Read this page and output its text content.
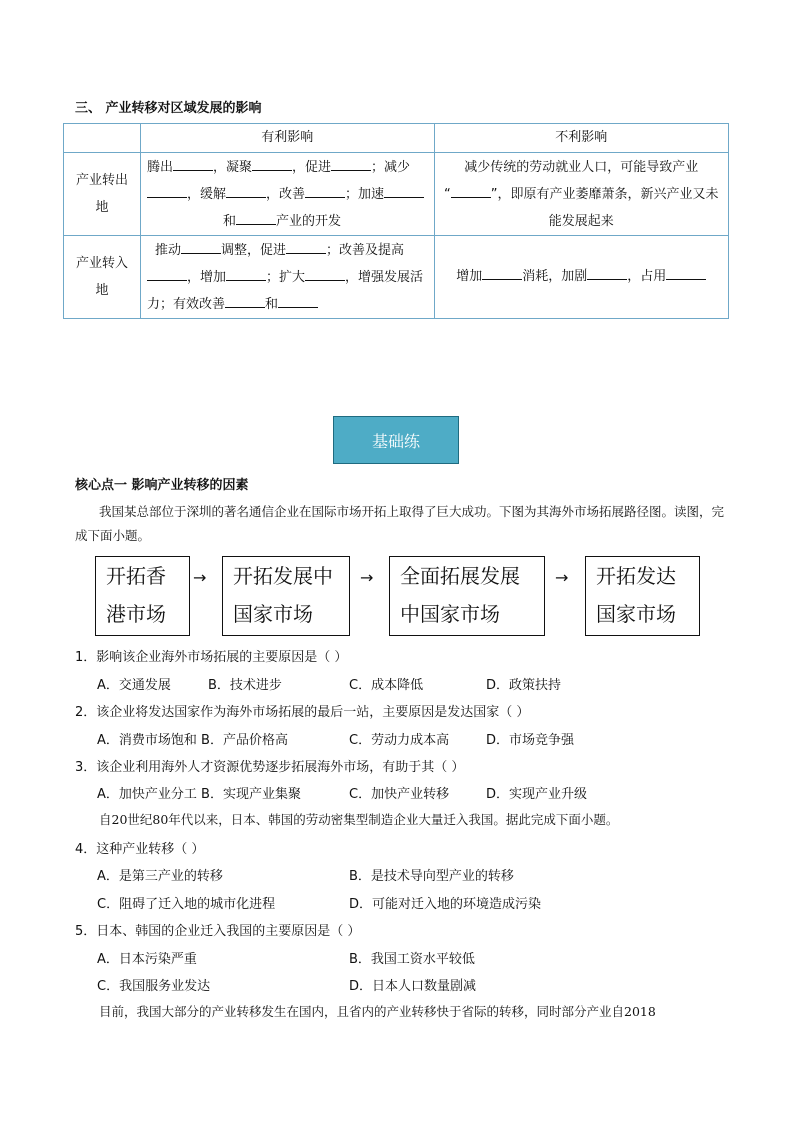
三、 产业转移对区域发展的影响
	有利影响	不利影响
产业转出地	腾出 ，凝聚 ，促进 ；减少
，缓解 ，改善 ；加速
和 产业的开发	减少传统的劳动就业人口，可能导致产业
“ ”，即原有产业萎靡萧条，新兴产业又未能发展起来
产业转入地	推动 调整，促进 ；改善及提高
，增加 ；扩大 ，增强发展活力；有效改善 和	增加 消耗，加剧 ，占用
基础练
核心点一 影响产业转移的因素
我国某总部位于深圳的著名通信企业在国际市场开拓上取得了巨大成功。下图为其海外市场拓展路径图。读图，完成下面小题。
开拓香港市场
→	开拓发展中国家市场
→	全面拓展发展中国家市场
→	开拓发达国家市场
1．影响该企业海外市场拓展的主要原因是（ ）
A．交通发展	B．技术进步	C．成本降低	D．政策扶持
2．该企业将发达国家作为海外市场拓展的最后一站，主要原因是发达国家（ ）
A．消费市场饱和 B．产品价格高	C．劳动力成本高	D．市场竞争强
3．该企业利用海外人才资源优势逐步拓展海外市场，有助于其（ ）
A．加快产业分工 B．实现产业集聚	C．加快产业转移	D．实现产业升级
自20世纪80年代以来，日本、韩国的劳动密集型制造企业大量迁入我国。据此完成下面小题。
4．这种产业转移（ ）
A．是第三产业的转移	B．是技术导向型产业的转移
C．阻碍了迁入地的城市化进程	D．可能对迁入地的环境造成污染
5．日本、韩国的企业迁入我国的主要原因是（ ）
A．日本污染严重	B．我国工资水平较低
C．我国服务业发达	D．日本人口数量剧减
目前，我国大部分的产业转移发生在国内，且省内的产业转移快于省际的转移，同时部分产业自2018
